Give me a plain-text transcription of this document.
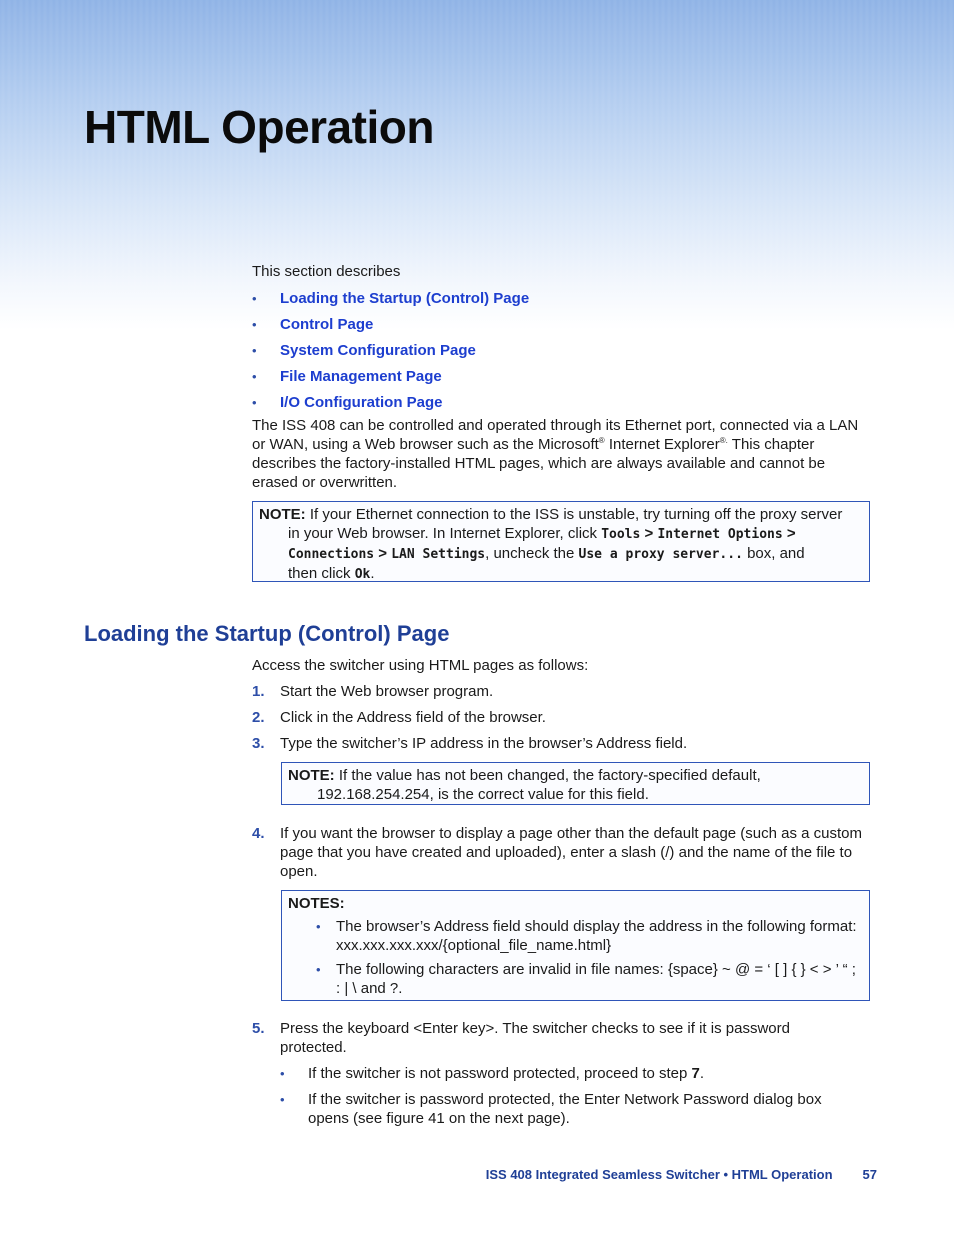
HTML Operation

This section describes

•	Loading the Startup (Control) Page
•	Control Page
•	System Configuration Page
•	File Management Page
•	I/O Configuration Page

The ISS 408 can be controlled and operated through its Ethernet port, connected via a LAN or WAN, using a Web browser such as the Microsoft® Internet Explorer®. This chapter describes the factory-installed HTML pages, which are always available and cannot be erased or overwritten.

NOTE: If your Ethernet connection to the ISS is unstable, try turning off the proxy server
in your Web browser. In Internet Explorer, click Tools > Internet Options >
Connections > LAN Settings, uncheck the Use a proxy server... box, and
then click Ok.
Loading the Startup (Control) Page

Access the switcher using HTML pages as follows:

1.	Start the Web browser program.
2.	Click in the Address field of the browser.
3.	Type the switcher’s IP address in the browser’s Address field.
NOTE: If the value has not been changed, the factory-specified default,
192.168.254.254, is the correct value for this field.
4.	If you want the browser to display a page other than the default page (such as a custom page that you have created and uploaded), enter a slash (/) and the name of the file to open.
NOTES:
•	The browser’s Address field should display the address in the following format: xxx.xxx.xxx.xxx/{optional_file_name.html}
•	The following characters are invalid in file names: {space} ~ @ = ‘ [ ] { } < > ’ “ ; : | \ and ?.
5.	Press the keyboard <Enter key>. The switcher checks to see if it is password protected.
•	If the switcher is not password protected, proceed to step 7.
•	If the switcher is password protected, the Enter Network Password dialog box opens (see figure 41 on the next page).
ISS 408 Integrated Seamless Switcher • HTML Operation 57
